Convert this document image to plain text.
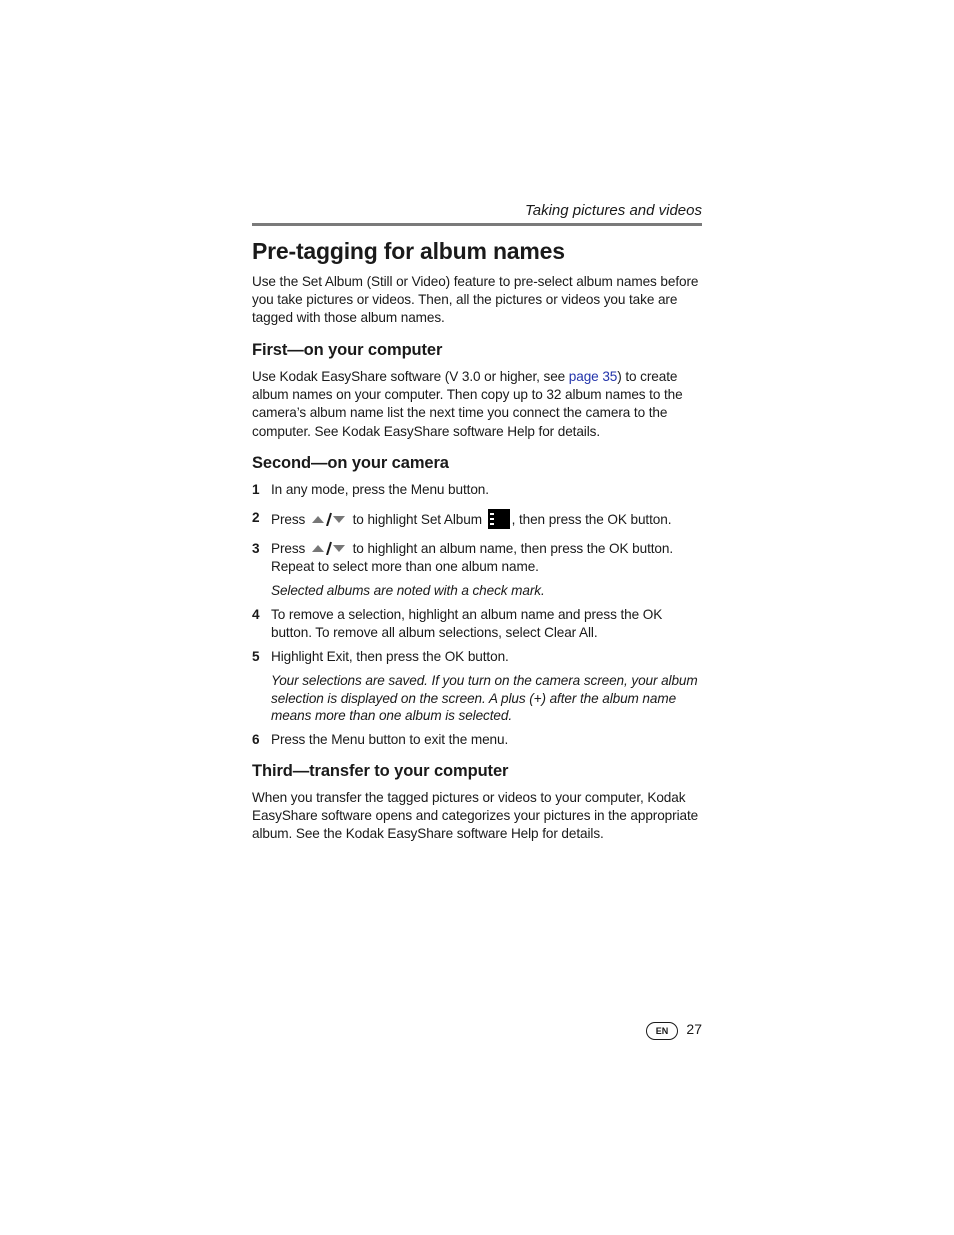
Taking pictures and videos
Pre-tagging for album names

Use the Set Album (Still or Video) feature to pre-select album names before you take pictures or videos. Then, all the pictures or videos you take are tagged with those album names.

First—on your computer

Use Kodak EasyShare software (V 3.0 or higher, see page 35) to create album names on your computer. Then copy up to 32 album names to the camera’s album name list the next time you connect the camera to the computer. See Kodak EasyShare software Help for details.

Second—on your camera
1 In any mode, press the Menu button.
2 Press	to highlight Set Album , then press the OK button.
3 Press	to highlight an album name, then press the OK button. Repeat to select more than one album name.
Selected albums are noted with a check mark.
4 To remove a selection, highlight an album name and press the OK button. To remove all album selections, select Clear All.
5 Highlight Exit, then press the OK button.
Your selections are saved. If you turn on the camera screen, your album selection is displayed on the screen. A plus (+) after the album name means more than one album is selected.
6 Press the Menu button to exit the menu.
Third—transfer to your computer

When you transfer the tagged pictures or videos to your computer, Kodak EasyShare software opens and categorizes your pictures in the appropriate album. See the Kodak EasyShare software Help for details.

EN	27
